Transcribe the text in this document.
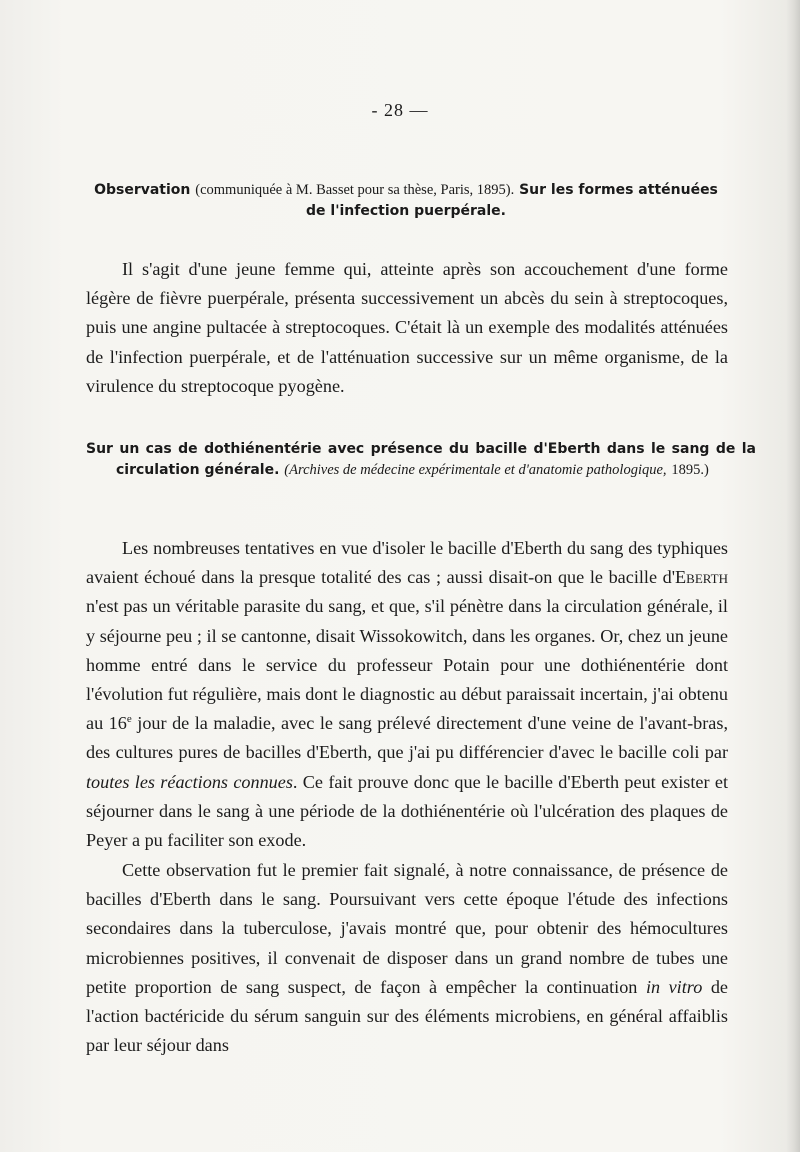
- 28 —
Observation (communiquée à M. Basset pour sa thèse, Paris, 1895). Sur les formes atténuées de l'infection puerpérale.
Il s'agit d'une jeune femme qui, atteinte après son accouchement d'une forme légère de fièvre puerpérale, présenta successivement un abcès du sein à streptocoques, puis une angine pultacée à streptocoques. C'était là un exemple des modalités atténuées de l'infection puerpérale, et de l'atténuation successive sur un même organisme, de la virulence du streptocoque pyogène.
Sur un cas de dothiénentérie avec présence du bacille d'Eberth dans le sang de la circulation générale. (Archives de médecine expérimentale et d'anatomie pathologique, 1895.)
Les nombreuses tentatives en vue d'isoler le bacille d'Eberth du sang des typhiques avaient échoué dans la presque totalité des cas ; aussi disait-on que le bacille d'Eberth n'est pas un véritable parasite du sang, et que, s'il pénètre dans la circulation générale, il y séjourne peu ; il se cantonne, disait Wissokowitch, dans les organes. Or, chez un jeune homme entré dans le service du professeur Potain pour une dothiénentérie dont l'évolution fut régulière, mais dont le diagnostic au début paraissait incertain, j'ai obtenu au 16e jour de la maladie, avec le sang prélevé directement d'une veine de l'avant-bras, des cultures pures de bacilles d'Eberth, que j'ai pu différencier d'avec le bacille coli par toutes les réactions connues. Ce fait prouve donc que le bacille d'Eberth peut exister et séjourner dans le sang à une période de la dothiénentérie où l'ulcération des plaques de Peyer a pu faciliter son exode.
Cette observation fut le premier fait signalé, à notre connaissance, de présence de bacilles d'Eberth dans le sang. Poursuivant vers cette époque l'étude des infections secondaires dans la tuberculose, j'avais montré que, pour obtenir des hémocultures microbiennes positives, il convenait de disposer dans un grand nombre de tubes une petite proportion de sang suspect, de façon à empêcher la continuation in vitro de l'action bactéricide du sérum sanguin sur des éléments microbiens, en général affaiblis par leur séjour dans
